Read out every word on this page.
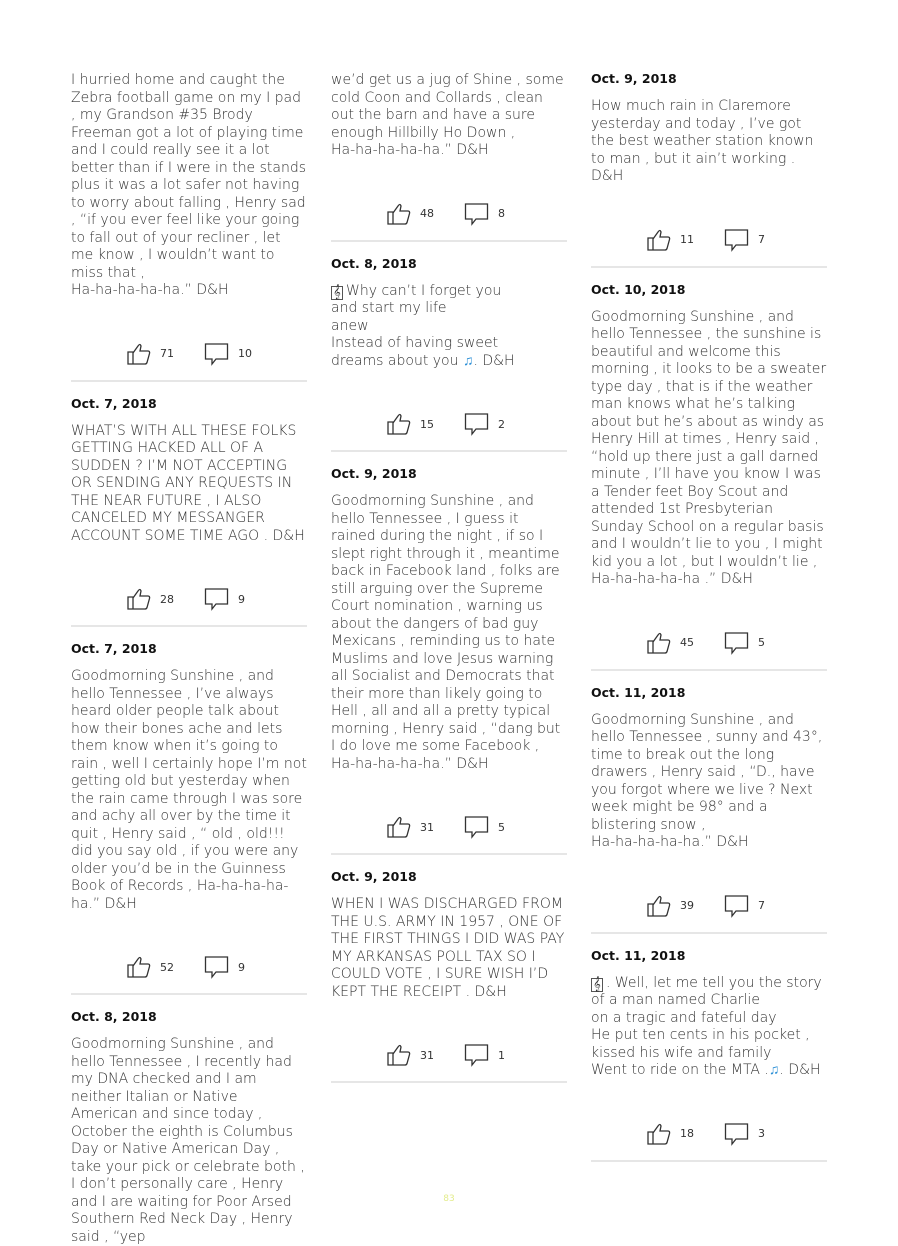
I hurried home and caught the Zebra football game on my I pad , my Grandson #35 Brody Freeman got a lot of playing time and I could really see it a lot better than if I were in the stands plus it was a lot safer not having to worry about falling , Henry sad , “if you ever feel like your going to fall out of your recliner , let me know , I wouldn’t want to miss that ,
Ha-ha-ha-ha-ha.” D&H

71	10
Oct. 7, 2018

WHAT’S WITH ALL THESE FOLKS GETTING HACKED ALL OF A SUDDEN ? I’M NOT ACCEPTING OR SENDING ANY REQUESTS IN THE NEAR FUTURE , I ALSO CANCELED MY MESSANGER ACCOUNT SOME TIME AGO . D&H

28	9
Oct. 7, 2018

Goodmorning Sunshine , and hello Tennessee , I’ve always heard older people talk about how their bones ache and lets them know when it’s going to rain , well I certainly hope I’m not getting old but yesterday when the rain came through I was sore and achy all over by the time it quit , Henry said , “ old , old!!! did you say old , if you were any older you’d be in the Guinness Book of Records , Ha-ha-ha-ha-ha.” D&H

52	9
Oct. 8, 2018

Goodmorning Sunshine , and hello Tennessee , I recently had my DNA checked and I am neither Italian or Native American and since today , October the eighth is Columbus Day or Native American Day , take your pick or celebrate both , I don’t personally care , Henry and I are waiting for Poor Arsed Southern Red Neck Day , Henry said , “yep

we’d get us a jug of Shine , some cold Coon and Collards , clean out the barn and have a sure enough Hillbilly Ho Down ,
Ha-ha-ha-ha-ha.” D&H

48	8
Oct. 8, 2018

𝄞 Why can’t I forget you
and start my life
anew
Instead of having sweet
dreams about you ♫. D&H

15	2
Oct. 9, 2018

Goodmorning Sunshine , and hello Tennessee , I guess it rained during the night , if so I slept right through it , meantime back in Facebook land , folks are still arguing over the Supreme Court nomination , warning us about the dangers of bad guy Mexicans , reminding us to hate Muslims and love Jesus warning all Socialist and Democrats that their more than likely going to Hell , all and all a pretty typical morning , Henry said , “dang but I do love me some Facebook , Ha-ha-ha-ha-ha.” D&H

31	5
Oct. 9, 2018

WHEN I WAS DISCHARGED FROM THE U.S. ARMY IN 1957 , ONE OF THE FIRST THINGS I DID WAS PAY MY ARKANSAS POLL TAX SO I COULD VOTE , I SURE WISH I’D KEPT THE RECEIPT . D&H

31	1
Oct. 9, 2018

How much rain in Claremore yesterday and today , I’ve got the best weather station known to man , but it ain’t working . D&H

11	7
Oct. 10, 2018

Goodmorning Sunshine , and hello Tennessee , the sunshine is beautiful and welcome this morning , it looks to be a sweater type day , that is if the weather man knows what he’s talking about but he’s about as windy as Henry Hill at times , Henry said , “hold up there just a gall darned minute , I’ll have you know I was a Tender feet Boy Scout and attended 1st Presbyterian Sunday School on a regular basis and I wouldn’t lie to you , I might kid you a lot , but I wouldn’t lie , Ha-ha-ha-ha-ha .” D&H

45	5
Oct. 11, 2018

Goodmorning Sunshine , and hello Tennessee , sunny and 43°, time to break out the long drawers , Henry said , “D., have you forgot where we live ? Next week might be 98° and a blistering snow ,
Ha-ha-ha-ha-ha.” D&H

39	7
Oct. 11, 2018

𝄞 . Well, let me tell you the story of a man named Charlie
on a tragic and fateful day
He put ten cents in his pocket , kissed his wife and family
Went to ride on the MTA .♫. D&H

18	3
83
